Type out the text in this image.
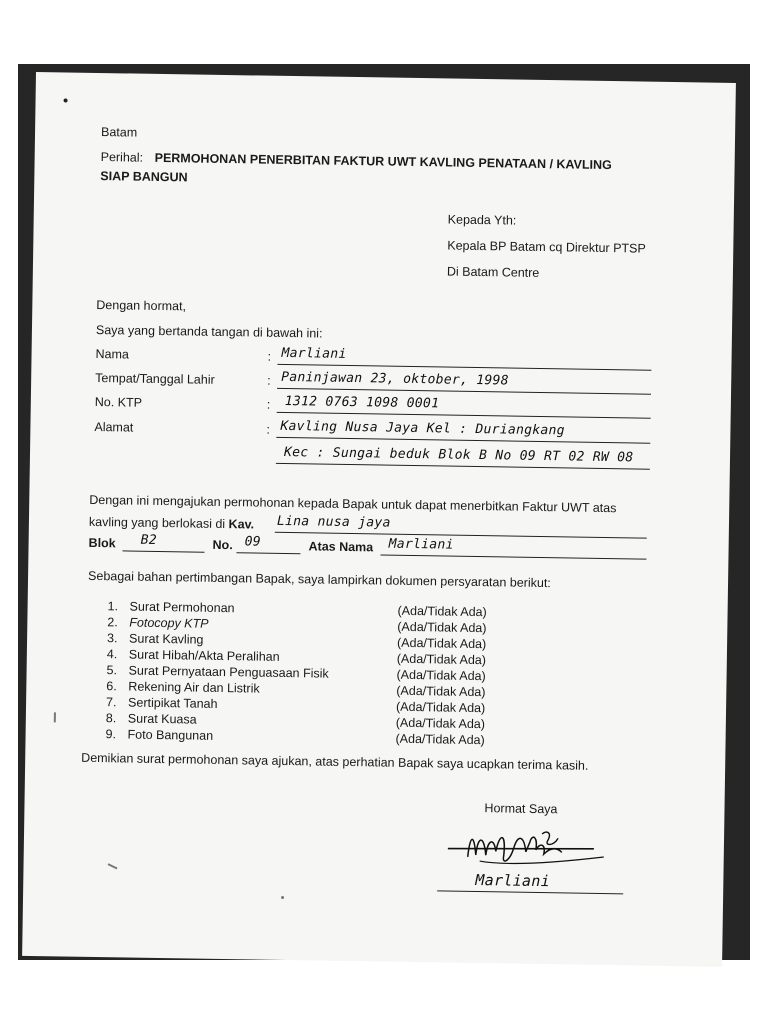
Batam
Perihal: PERMOHONAN PENERBITAN FAKTUR UWT KAVLING PENATAAN / KAVLING
SIAP BANGUN
Kepada Yth:
Kepala BP Batam cq Direktur PTSP
Di Batam Centre
Dengan hormat,
Saya yang bertanda tangan di bawah ini:
Nama	: Marliani
Tempat/Tanggal Lahir	: Paninjawan 23, oktober, 1998
No. KTP	: 1312 0763 1098 0001
Alamat	: Kavling Nusa Jaya Kel : Duriangkang
Kec : Sungai beduk Blok B No 09 RT 02 RW 08
Dengan ini mengajukan permohonan kepada Bapak untuk dapat menerbitkan Faktur UWT atas
kavling yang berlokasi di Kav. Lina nusa jaya
Blok B2	No. 09	Atas Nama Marliani
Sebagai bahan pertimbangan Bapak, saya lampirkan dokumen persyaratan berikut:
1. Surat Permohonan	(Ada/Tidak Ada)
2. Fotocopy KTP	(Ada/Tidak Ada)
3. Surat Kavling	(Ada/Tidak Ada)
4. Surat Hibah/Akta Peralihan	(Ada/Tidak Ada)
5. Surat Pernyataan Penguasaan Fisik	(Ada/Tidak Ada)
6. Rekening Air dan Listrik	(Ada/Tidak Ada)
7. Sertipikat Tanah	(Ada/Tidak Ada)
8. Surat Kuasa	(Ada/Tidak Ada)
9. Foto Bangunan	(Ada/Tidak Ada)
Demikian surat permohonan saya ajukan, atas perhatian Bapak saya ucapkan terima kasih.
Hormat Saya
Marliani
